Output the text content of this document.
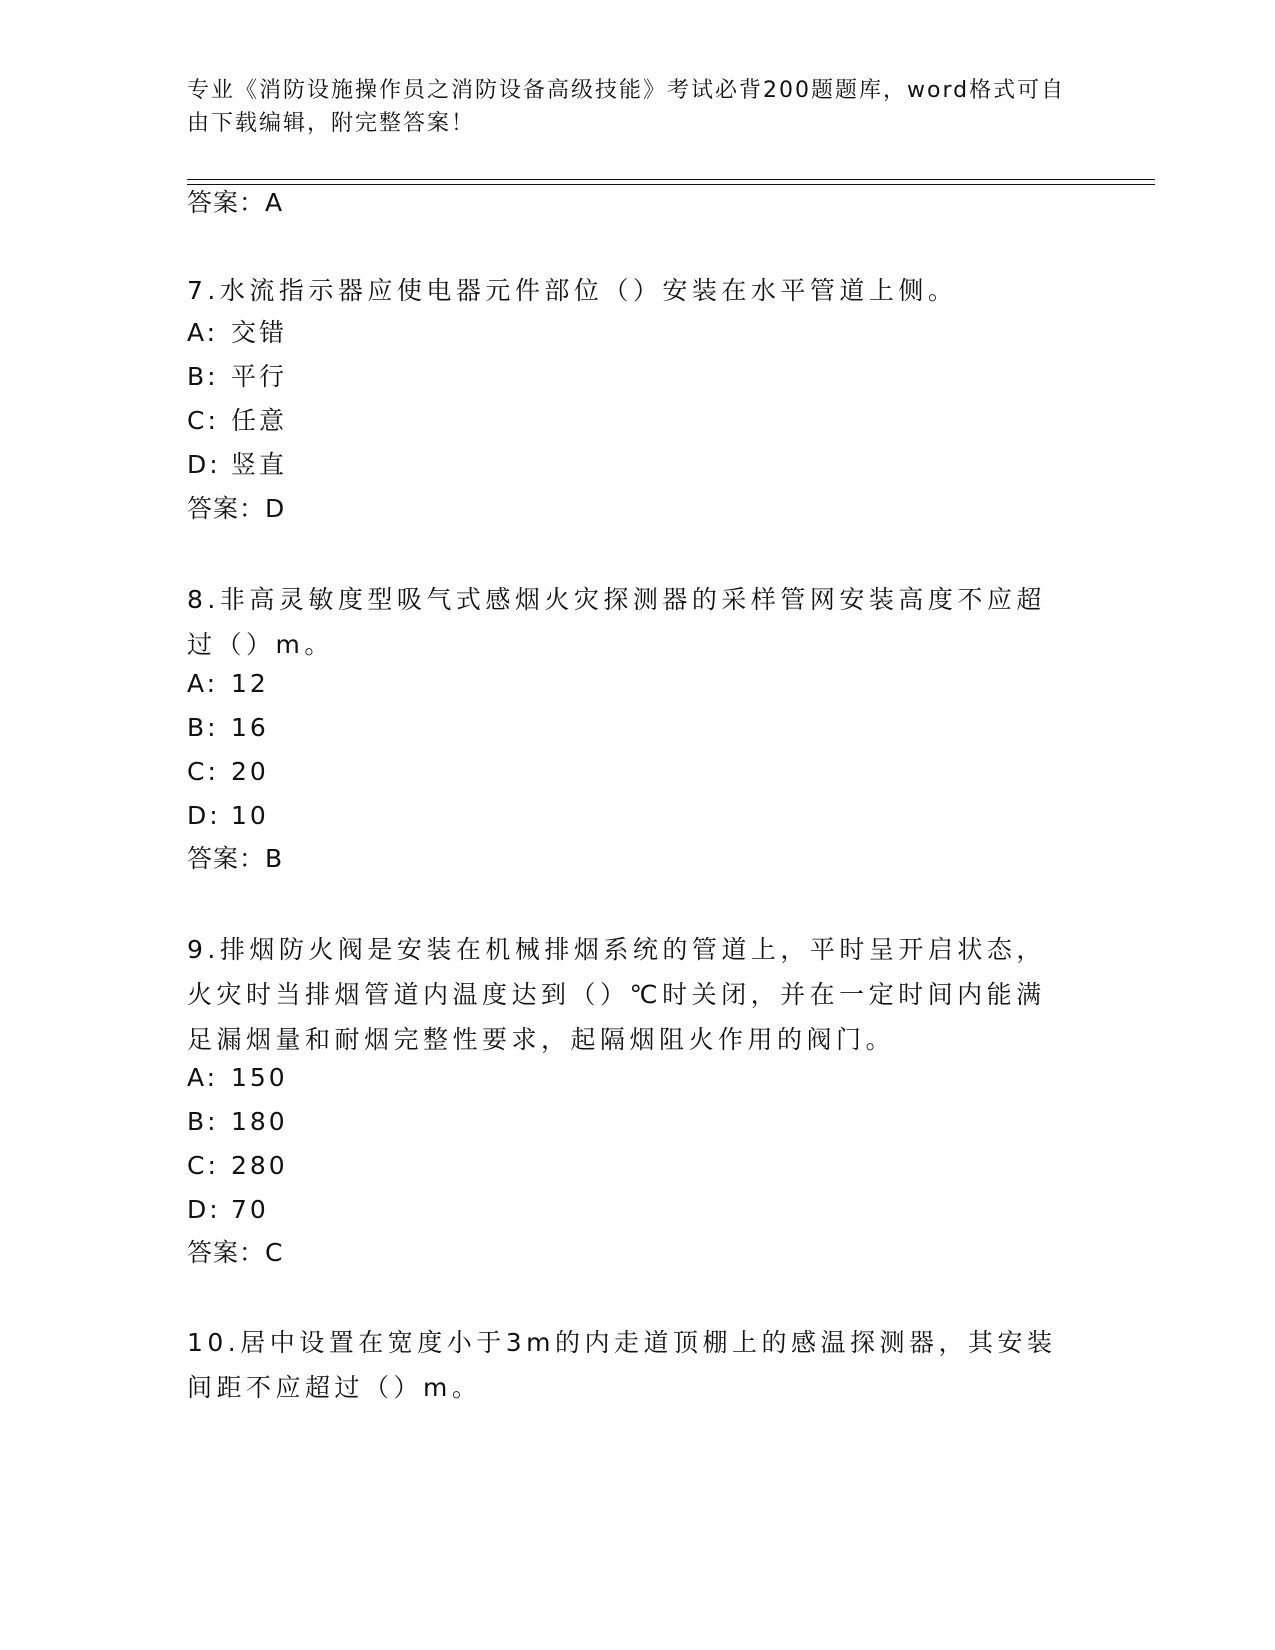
专业《消防设施操作员之消防设备高级技能》考试必背200题题库，word格式可自由下载编辑，附完整答案！

答案：A

7.水流指示器应使电器元件部位（）安装在水平管道上侧。

A: 交错
B: 平行
C: 任意
D: 竖直
答案：D

8.非高灵敏度型吸气式感烟火灾探测器的采样管网安装高度不应超过（）m。

A: 12
B: 16
C: 20
D: 10
答案：B

9.排烟防火阀是安装在机械排烟系统的管道上，平时呈开启状态，火灾时当排烟管道内温度达到（）℃时关闭，并在一定时间内能满足漏烟量和耐烟完整性要求，起隔烟阻火作用的阀门。

A: 150
B: 180
C: 280
D: 70
答案：C

10.居中设置在宽度小于3m的内走道顶棚上的感温探测器，其安装间距不应超过（）m。
